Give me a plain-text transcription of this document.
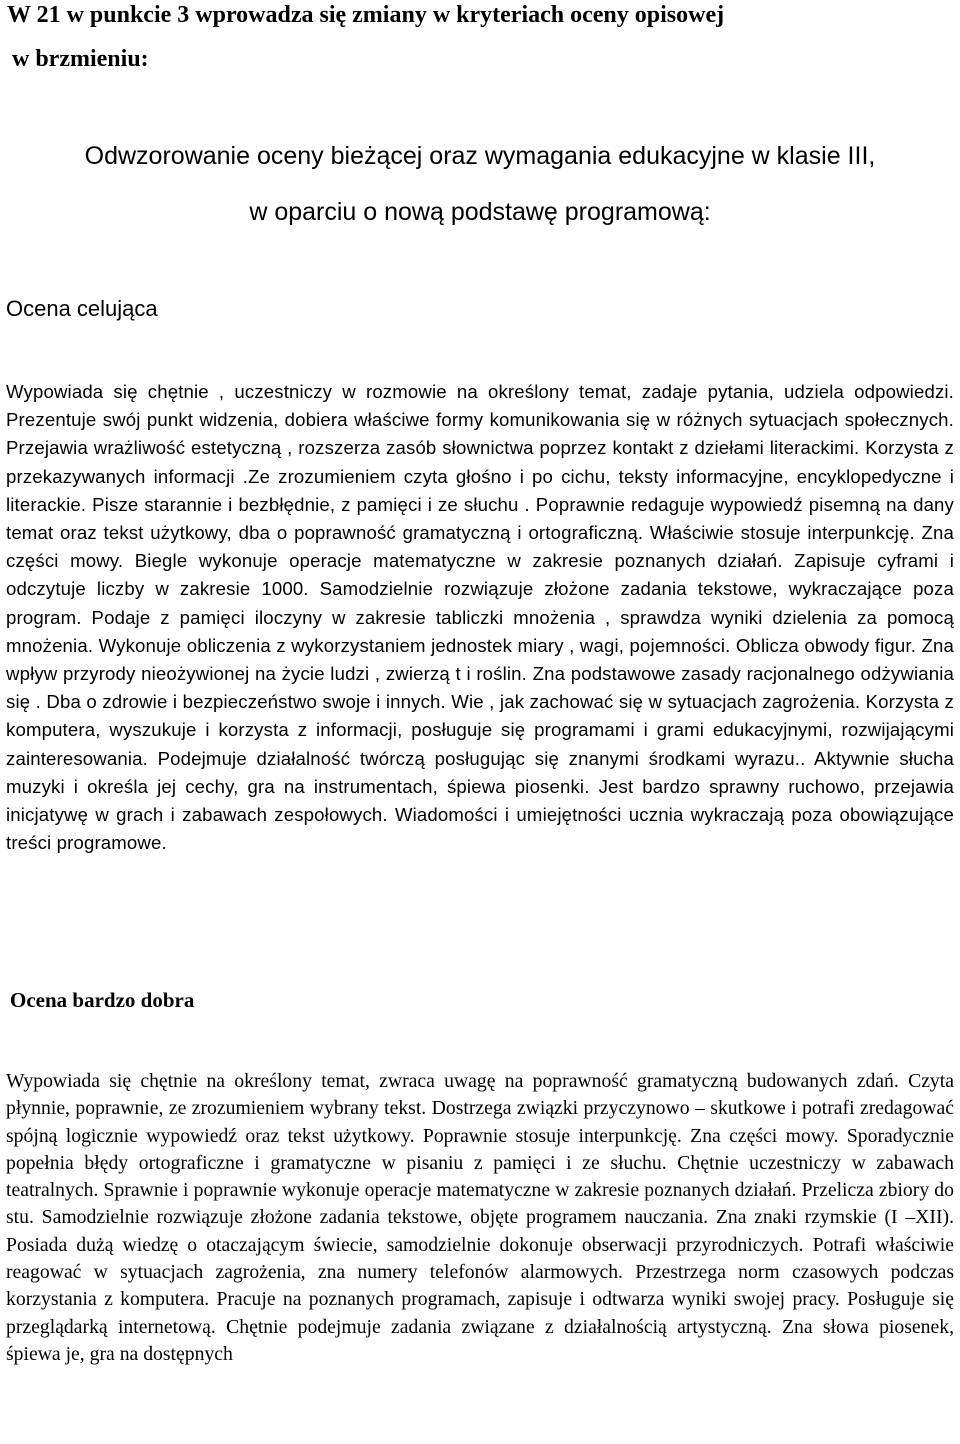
W 21 w punkcie 3 wprowadza się zmiany w kryteriach oceny opisowej
w brzmieniu:
Odwzorowanie oceny bieżącej oraz wymagania edukacyjne w klasie III,
w oparciu o nową podstawę programową:
Ocena celująca

Wypowiada się chętnie , uczestniczy w rozmowie na określony temat, zadaje pytania, udziela odpowiedzi. Prezentuje swój punkt widzenia, dobiera właściwe formy komunikowania się w różnych sytuacjach społecznych. Przejawia wrażliwość estetyczną , rozszerza zasób słownictwa poprzez kontakt z dziełami literackimi. Korzysta z przekazywanych informacji .Ze zrozumieniem czyta głośno i po cichu, teksty informacyjne, encyklopedyczne i literackie. Pisze starannie i bezbłędnie, z pamięci i ze słuchu . Poprawnie redaguje wypowiedź pisemną na dany temat oraz tekst użytkowy, dba o poprawność gramatyczną i ortograficzną. Właściwie stosuje interpunkcję. Zna części mowy. Biegle wykonuje operacje matematyczne w zakresie poznanych działań. Zapisuje cyframi i odczytuje liczby w zakresie 1000. Samodzielnie rozwiązuje złożone zadania tekstowe, wykraczające poza program. Podaje z pamięci iloczyny w zakresie tabliczki mnożenia , sprawdza wyniki dzielenia za pomocą mnożenia. Wykonuje obliczenia z wykorzystaniem jednostek miary , wagi, pojemności. Oblicza obwody figur. Zna wpływ przyrody nieożywionej na życie ludzi , zwierzą t i roślin. Zna podstawowe zasady racjonalnego odżywiania się . Dba o zdrowie i bezpieczeństwo swoje i innych. Wie , jak zachować się w sytuacjach zagrożenia. Korzysta z komputera, wyszukuje i korzysta z informacji, posługuje się programami i grami edukacyjnymi, rozwijającymi zainteresowania. Podejmuje działalność twórczą posługując się znanymi środkami wyrazu.. Aktywnie słucha muzyki i określa jej cechy, gra na instrumentach, śpiewa piosenki. Jest bardzo sprawny ruchowo, przejawia inicjatywę w grach i zabawach zespołowych. Wiadomości i umiejętności ucznia wykraczają poza obowiązujące treści programowe.

Ocena bardzo dobra

Wypowiada się chętnie na określony temat, zwraca uwagę na poprawność gramatyczną budowanych zdań. Czyta płynnie, poprawnie, ze zrozumieniem wybrany tekst. Dostrzega związki przyczynowo – skutkowe i potrafi zredagować spójną logicznie wypowiedź oraz tekst użytkowy. Poprawnie stosuje interpunkcję. Zna części mowy. Sporadycznie popełnia błędy ortograficzne i gramatyczne w pisaniu z pamięci i ze słuchu. Chętnie uczestniczy w zabawach teatralnych. Sprawnie i poprawnie wykonuje operacje matematyczne w zakresie poznanych działań. Przelicza zbiory do stu. Samodzielnie rozwiązuje złożone zadania tekstowe, objęte programem nauczania. Zna znaki rzymskie (I –XII). Posiada dużą wiedzę o otaczającym świecie, samodzielnie dokonuje obserwacji przyrodniczych. Potrafi właściwie reagować w sytuacjach zagrożenia, zna numery telefonów alarmowych. Przestrzega norm czasowych podczas korzystania z komputera. Pracuje na poznanych programach, zapisuje i odtwarza wyniki swojej pracy. Posługuje się przeglądarką internetową. Chętnie podejmuje zadania związane z działalnością artystyczną. Zna słowa piosenek, śpiewa je, gra na dostępnych
